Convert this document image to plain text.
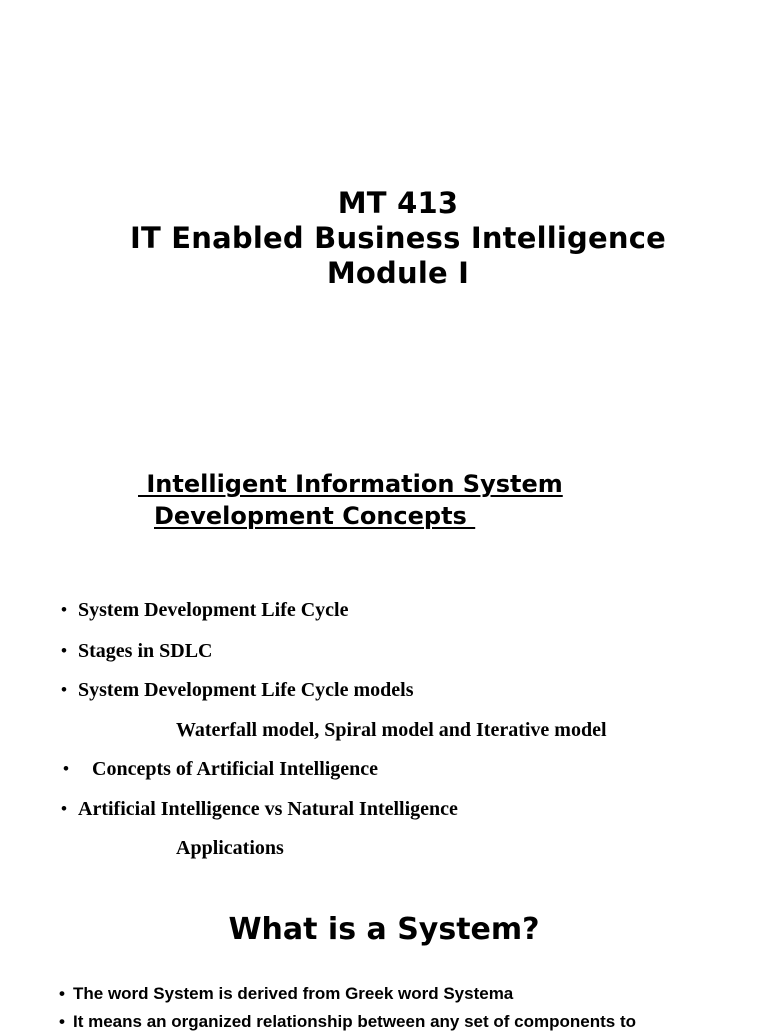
MT 413
IT Enabled Business Intelligence
Module I
Intelligent Information System
Development Concepts
• System Development Life Cycle
• Stages in SDLC
• System Development Life Cycle models
Waterfall model, Spiral model and Iterative model
• Concepts of Artificial Intelligence
• Artificial Intelligence vs Natural Intelligence
Applications
What is a System?
• The word System is derived from Greek word Systema
• It means an organized relationship between any set of components to
